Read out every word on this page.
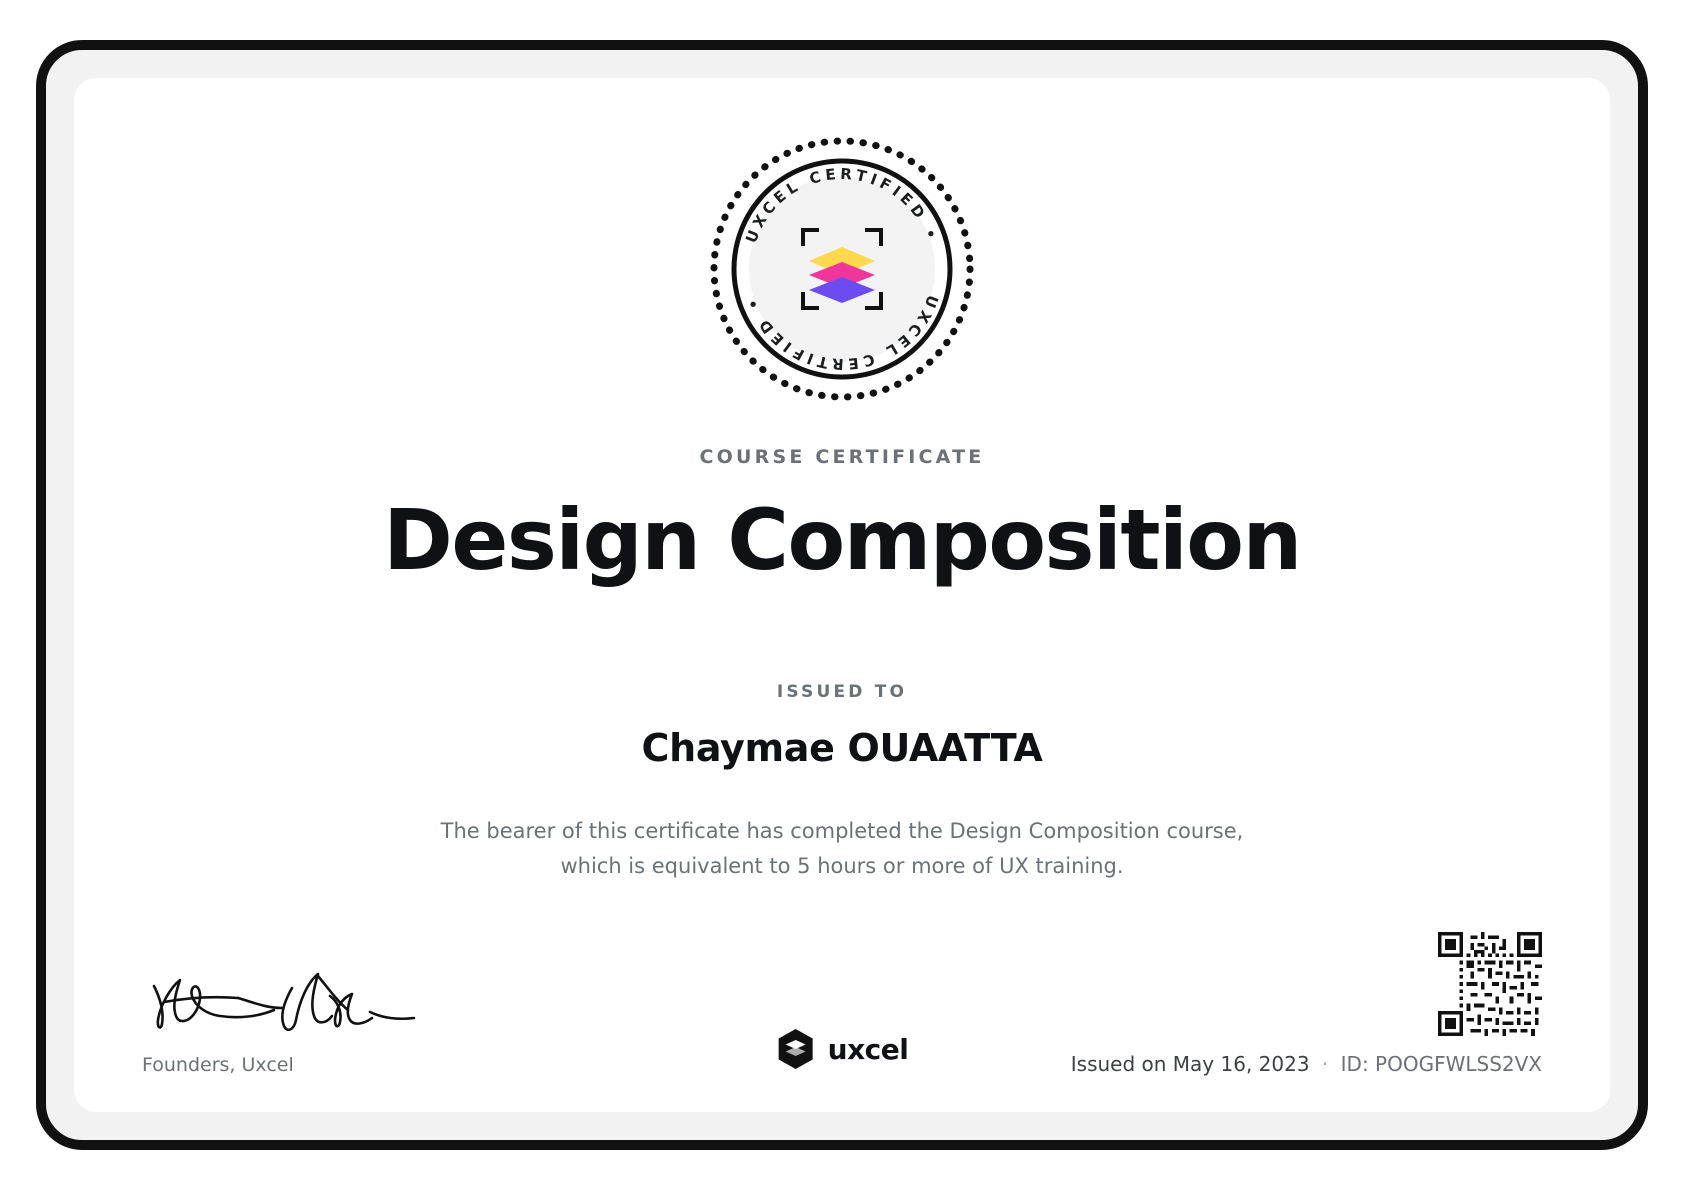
UXCEL CERTIFIED •
UXCEL CERTIFIED •
COURSE CERTIFICATE
Design Composition
ISSUED TO
Chaymae OUAATTA
The bearer of this certificate has completed the Design Composition course,
which is equivalent to 5 hours or more of UX training.
Founders, Uxcel	uxcel	Issued on May 16, 2023 · ID: POOGFWLSS2VX
